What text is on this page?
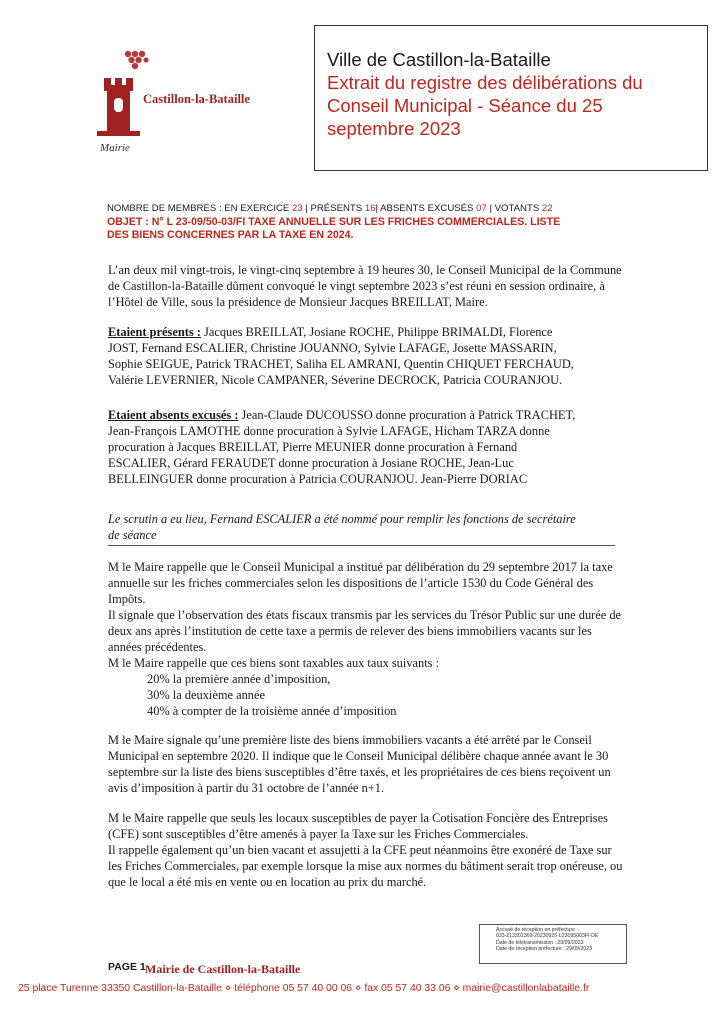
Castillon-la-Bataille
Mairie
Ville de Castillon-la-Bataille
Extrait du registre des délibérations du
Conseil Municipal - Séance du 25
septembre 2023
NOMBRE DE MEMBRES : EN EXERCICE 23 | PRÉSENTS 16| ABSENTS EXCUSÉS 07 | VOTANTS 22
OBJET : N° L 23-09/50-03/FI TAXE ANNUELLE SUR LES FRICHES COMMERCIALES. LISTE
DES BIENS CONCERNES PAR LA TAXE EN 2024.
L’an deux mil vingt-trois, le vingt-cinq septembre à 19 heures 30, le Conseil Municipal de la Commune
de Castillon-la-Bataille dûment convoqué le vingt septembre 2023 s’est réuni en session ordinaire, à
l’Hôtel de Ville, sous la présidence de Monsieur Jacques BREILLAT, Maire.
Etaient présents : Jacques BREILLAT, Josiane ROCHE, Philippe BRIMALDI, Florence
JOST, Fernand ESCALIER, Christine JOUANNO, Sylvie LAFAGE, Josette MASSARIN,
Sophie SEIGUE, Patrick TRACHET, Saliha EL AMRANI, Quentin CHIQUET FERCHAUD,
Valérie LEVERNIER, Nicole CAMPANER, Séverine DECROCK, Patricia COURANJOU.
Etaient absents excusés : Jean-Claude DUCOUSSO donne procuration à Patrick TRACHET,
Jean-François LAMOTHE donne procuration à Sylvie LAFAGE, Hicham TARZA donne
procuration à Jacques BREILLAT, Pierre MEUNIER donne procuration à Fernand
ESCALIER, Gérard FERAUDET donne procuration à Josiane ROCHE, Jean-Luc
BELLEINGUER donne procuration à Patricia COURANJOU. Jean-Pierre DORIAC
Le scrutin a eu lieu, Fernand ESCALIER a été nommé pour remplir les fonctions de secrétaire
de séance
M le Maire rappelle que le Conseil Municipal a institué par délibération du 29 septembre 2017 la taxe
annuelle sur les friches commerciales selon les dispositions de l’article 1530 du Code Général des
Impôts.
Il signale que l’observation des états fiscaux transmis par les services du Trésor Public sur une durée de
deux ans après l’institution de cette taxe a permis de relever des biens immobiliers vacants sur les
années précédentes.
M le Maire rappelle que ces biens sont taxables aux taux suivants :
20% la première année d’imposition,
30% la deuxième année
40% à compter de la troisième année d’imposition
M le Maire signale qu’une première liste des biens immobiliers vacants a été arrêté par le Conseil
Municipal en septembre 2020. Il indique que le Conseil Municipal délibère chaque année avant le 30
septembre sur la liste des biens susceptibles d’être taxés, et les propriétaires de ces biens reçoivent un
avis d’imposition à partir du 31 octobre de l’année n+1.
M le Maire rappelle que seuls les locaux susceptibles de payer la Cotisation Foncière des Entreprises
(CFE) sont susceptibles d’être amenés à payer la Taxe sur les Friches Commerciales.
Il rappelle également qu’un bien vacant et assujetti à la CFE peut néanmoins être exonéré de Taxe sur
les Friches Commerciales, par exemple lorsque la mise aux normes du bâtiment serait trop onéreuse, ou
que le local a été mis en vente ou en location au prix du marché.
Accusé de réception en préfecture
033-213301369-20230925-L23095003FI-DE
Date de télétransmission : 29/09/2023
Date de réception préfecture : 29/09/2023
PAGE 1 Mairie de Castillon-la-Bataille
25 place Turenne 33350 Castillon-la-Bataille ⋄ téléphone 05 57 40 00 06 ⋄ fax 05 57 40 33 06 ⋄ mairie@castillonlabataille.fr
